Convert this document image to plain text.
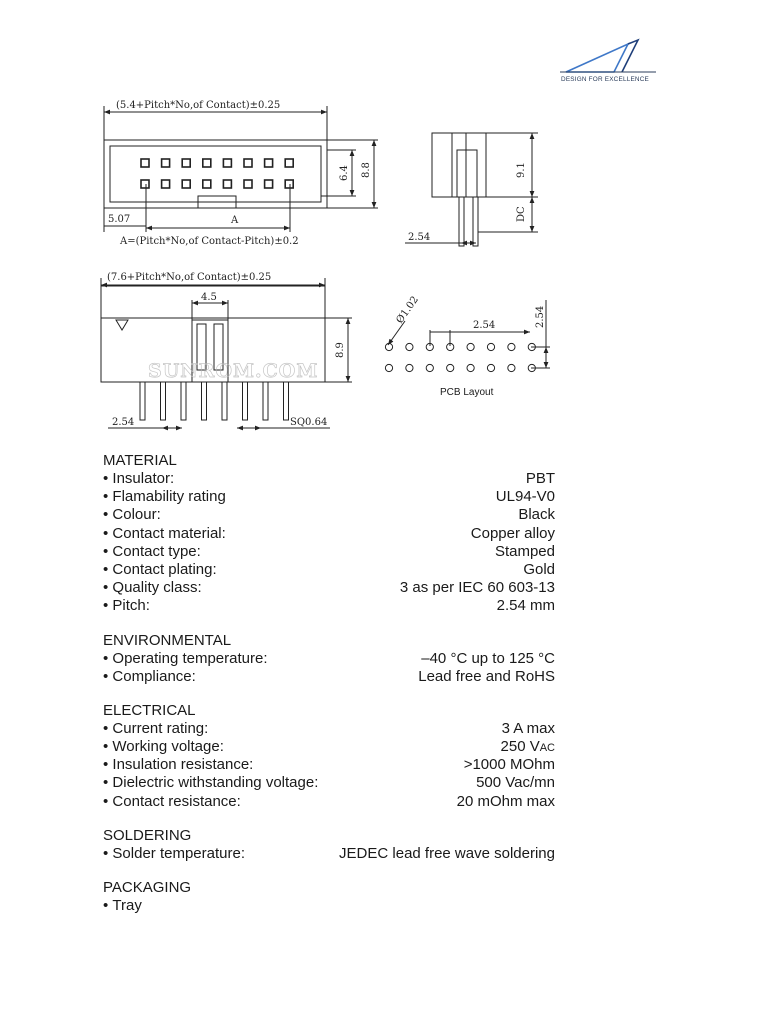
DESIGN FOR EXCELLENCE
(5.4+Pitch*No,of Contact)±0.25
6.4 8.8
5.07	A
A=(Pitch*No,of Contact-Pitch)±0.2
9.1
DC
2.54
(7.6+Pitch*No,of Contact)±0.25
4.5
8.9
2.54	SQ0.64
Ø1.02	2.54	2.54
SUNROM.COM
PCB Layout
MATERIAL
• Insulator:	PBT
• Flamability rating	UL94-V0
• Colour:	Black
• Contact material:	Copper alloy
• Contact type:	Stamped
• Contact plating:	Gold
• Quality class:	3 as per IEC 60 603-13
• Pitch:	2.54 mm
ENVIRONMENTAL
• Operating temperature:	–40 °C up to 125 °C
• Compliance:	Lead free and RoHS
ELECTRICAL
• Current rating:	3 A max
• Working voltage:	250 VAC
• Insulation resistance:	>1000 MOhm
• Dielectric withstanding voltage:	500 Vac/mn
• Contact resistance:	20 mOhm max
SOLDERING
• Solder temperature:	JEDEC lead free wave soldering
PACKAGING
• Tray
